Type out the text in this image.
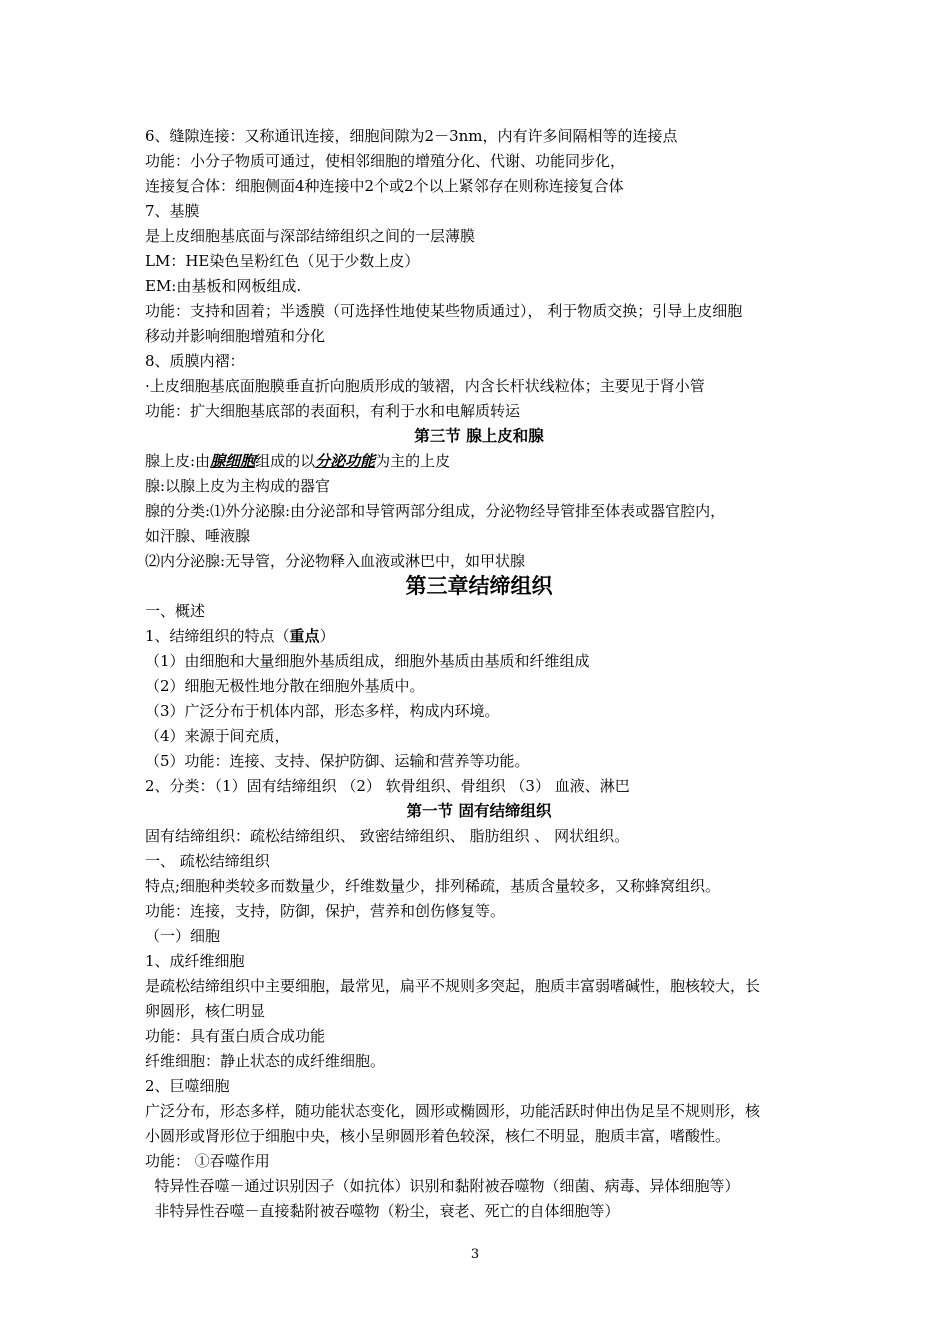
6、缝隙连接：又称通讯连接，细胞间隙为2－3nm，内有许多间隔相等的连接点
功能：小分子物质可通过，使相邻细胞的增殖分化、代谢、功能同步化，
连接复合体：细胞侧面4种连接中2个或2个以上紧邻存在则称连接复合体
7、基膜
是上皮细胞基底面与深部结缔组织之间的一层薄膜
LM：HE染色呈粉红色（见于少数上皮）
EM:由基板和网板组成.
功能：支持和固着；半透膜（可选择性地使某些物质通过）， 利于物质交换；引导上皮细胞
移动并影响细胞增殖和分化
8、质膜内褶：
·上皮细胞基底面胞膜垂直折向胞质形成的皱褶，内含长杆状线粒体；主要见于肾小管
功能：扩大细胞基底部的表面积，有利于水和电解质转运
第三节 腺上皮和腺
腺上皮:由腺细胞组成的以分泌功能为主的上皮
腺:以腺上皮为主构成的器官
腺的分类:⑴外分泌腺:由分泌部和导管两部分组成，分泌物经导管排至体表或器官腔内，
如汗腺、唾液腺
⑵内分泌腺:无导管，分泌物释入血液或淋巴中，如甲状腺
第三章结缔组织
一、概述
1、结缔组织的特点（重点）
（1）由细胞和大量细胞外基质组成，细胞外基质由基质和纤维组成
（2）细胞无极性地分散在细胞外基质中。
（3）广泛分布于机体内部，形态多样，构成内环境。
（4）来源于间充质，
（5）功能：连接、支持、保护防御、运输和营养等功能。
2、分类：（1）固有结缔组织 （2） 软骨组织、骨组织 （3） 血液、淋巴
第一节 固有结缔组织
固有结缔组织：疏松结缔组织、 致密结缔组织、 脂肪组织 、 网状组织。
一、 疏松结缔组织
特点;细胞种类较多而数量少，纤维数量少，排列稀疏，基质含量较多，又称蜂窝组织。
功能：连接，支持，防御，保护，营养和创伤修复等。
（一）细胞
1、成纤维细胞
是疏松结缔组织中主要细胞，最常见，扁平不规则多突起，胞质丰富弱嗜碱性，胞核较大，长
卵圆形，核仁明显
功能：具有蛋白质合成功能
纤维细胞：静止状态的成纤维细胞。
2、巨噬细胞
广泛分布，形态多样，随功能状态变化，圆形或椭圆形，功能活跃时伸出伪足呈不规则形，核
小圆形或肾形位于细胞中央，核小呈卵圆形着色较深，核仁不明显，胞质丰富，嗜酸性。
功能： ①吞噬作用
特异性吞噬－通过识别因子（如抗体）识别和黏附被吞噬物（细菌、病毒、异体细胞等）
非特异性吞噬－直接黏附被吞噬物（粉尘，衰老、死亡的自体细胞等）
3
